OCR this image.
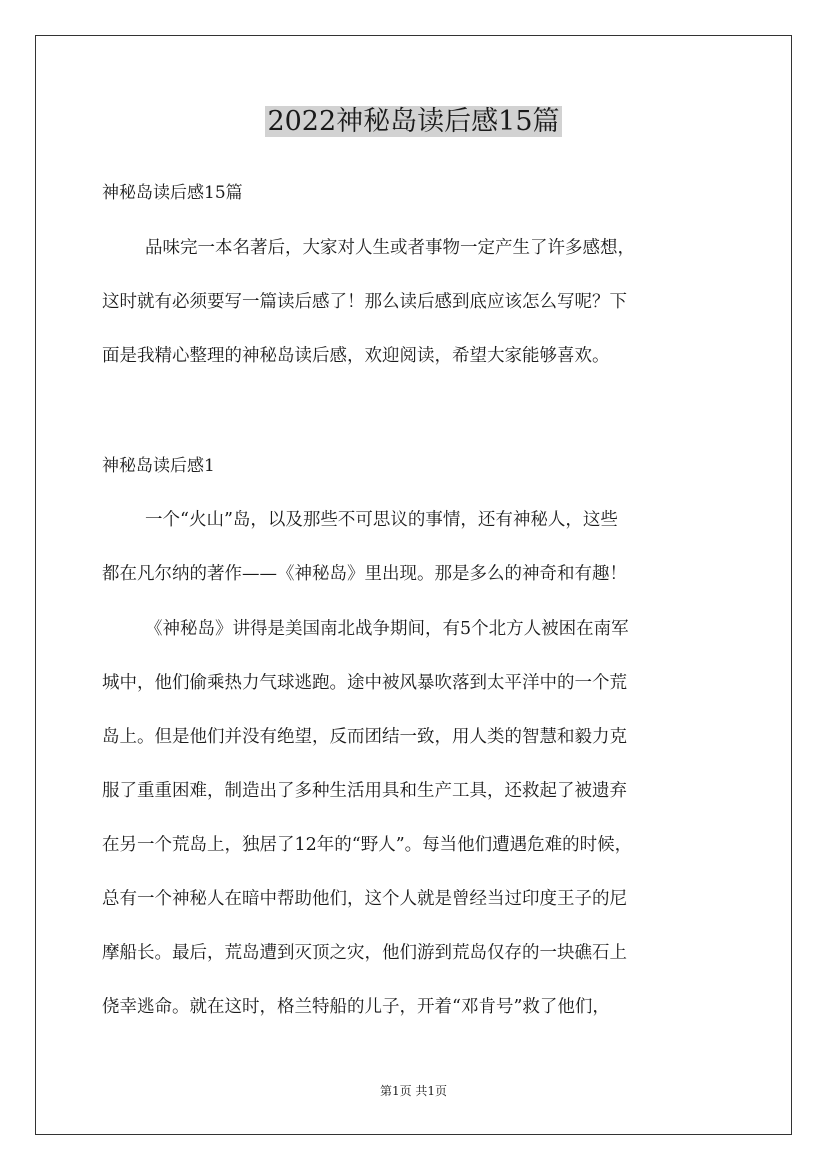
2022神秘岛读后感15篇
神秘岛读后感15篇
品味完一本名著后，大家对人生或者事物一定产生了许多感想，
这时就有必须要写一篇读后感了！那么读后感到底应该怎么写呢？下
面是我精心整理的神秘岛读后感，欢迎阅读，希望大家能够喜欢。
神秘岛读后感1
一个“火山”岛，以及那些不可思议的事情，还有神秘人，这些
都在凡尔纳的著作——《神秘岛》里出现。那是多么的神奇和有趣！
《神秘岛》讲得是美国南北战争期间，有5个北方人被困在南军
城中，他们偷乘热力气球逃跑。途中被风暴吹落到太平洋中的一个荒
岛上。但是他们并没有绝望，反而团结一致，用人类的智慧和毅力克
服了重重困难，制造出了多种生活用具和生产工具，还救起了被遗弃
在另一个荒岛上，独居了12年的“野人”。每当他们遭遇危难的时候，
总有一个神秘人在暗中帮助他们，这个人就是曾经当过印度王子的尼
摩船长。最后，荒岛遭到灭顶之灾，他们游到荒岛仅存的一块礁石上
侥幸逃命。就在这时，格兰特船的儿子，开着“邓肯号”救了他们，
第1页 共1页
